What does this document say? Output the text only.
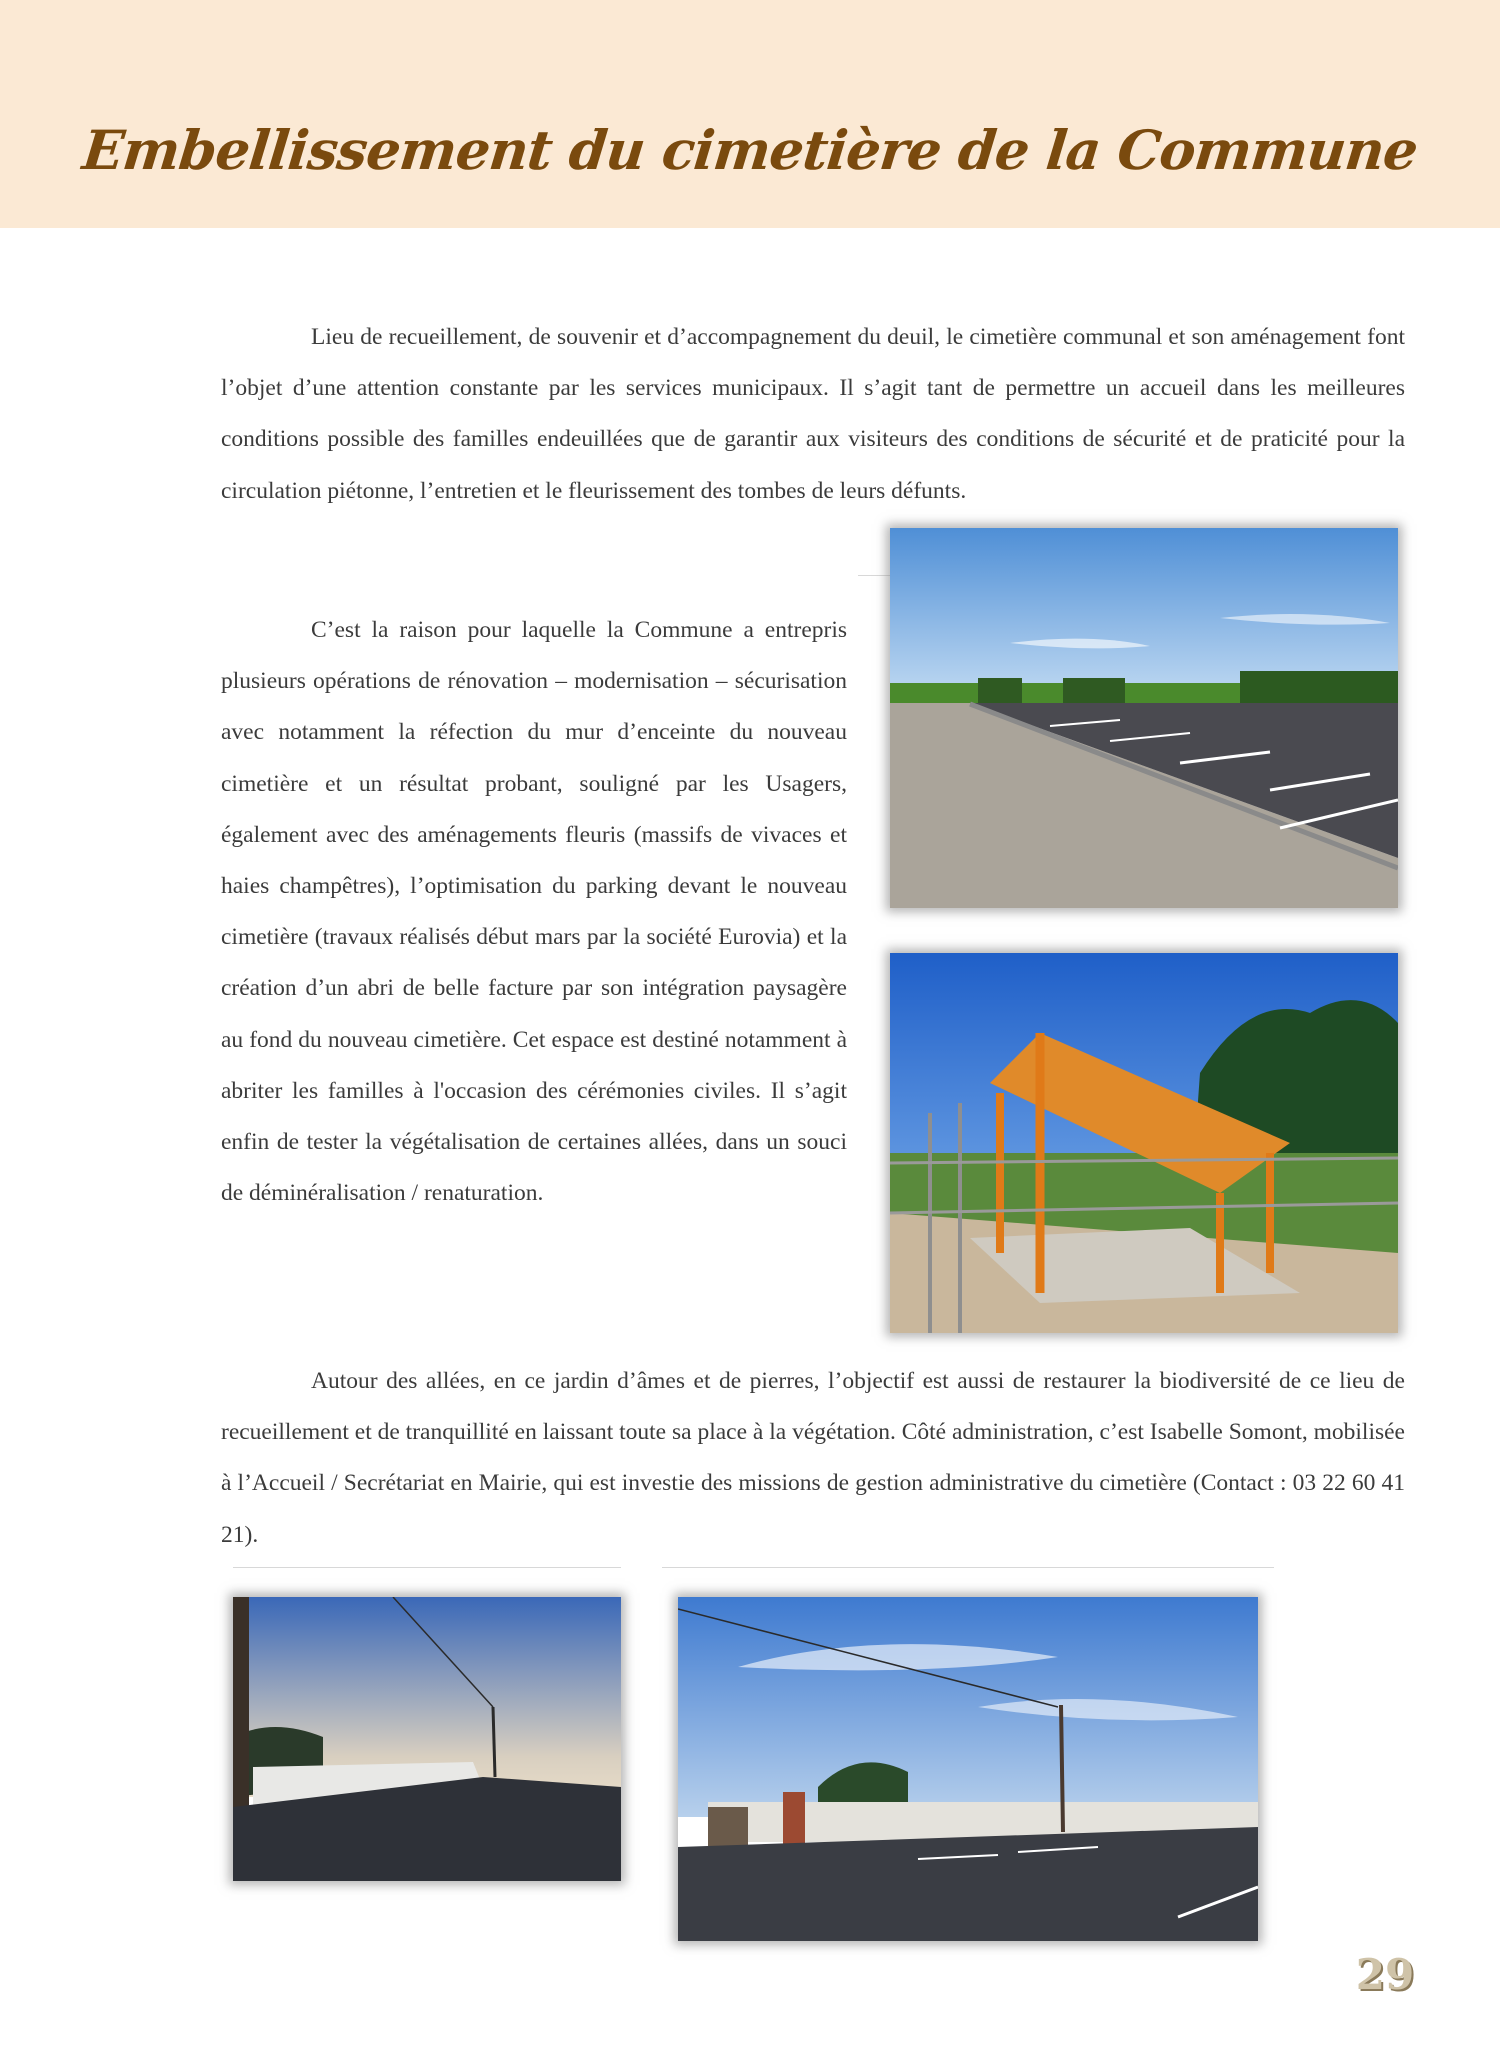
Embellissement du cimetière de la Commune

Lieu de recueillement, de souvenir et d’accompagnement du deuil, le cimetière communal et son aménagement font l’objet d’une attention constante par les services municipaux. Il s’agit tant de permettre un accueil dans les meilleures conditions possible des familles endeuillées que de garantir aux visiteurs des conditions de sécurité et de praticité pour la circulation piétonne, l’entretien et le fleurissement des tombes de leurs défunts.

C’est la raison pour laquelle la Commune a entrepris plusieurs opérations de rénovation – modernisation – sécurisation avec notamment la réfection du mur d’enceinte du nouveau cimetière et un résultat probant, souligné par les Usagers, également avec des aménagements fleuris (massifs de vivaces et haies champêtres), l’optimisation du parking devant le nouveau cimetière (travaux réalisés début mars par la société Eurovia) et la création d’un abri de belle facture par son intégration paysagère au fond du nouveau cimetière. Cet espace est destiné notamment à abriter les familles à l'occasion des cérémonies civiles. Il s’agit enfin de tester la végétalisation de certaines allées, dans un souci de déminéralisation / renaturation.

Autour des allées, en ce jardin d’âmes et de pierres, l’objectif est aussi de restaurer la biodiversité de ce lieu de recueillement et de tranquillité en laissant toute sa place à la végétation. Côté administration, c’est Isabelle Somont, mobilisée à l’Accueil / Secrétariat en Mairie, qui est investie des missions de gestion administrative du cimetière (Contact : 03 22 60 41 21).

29
